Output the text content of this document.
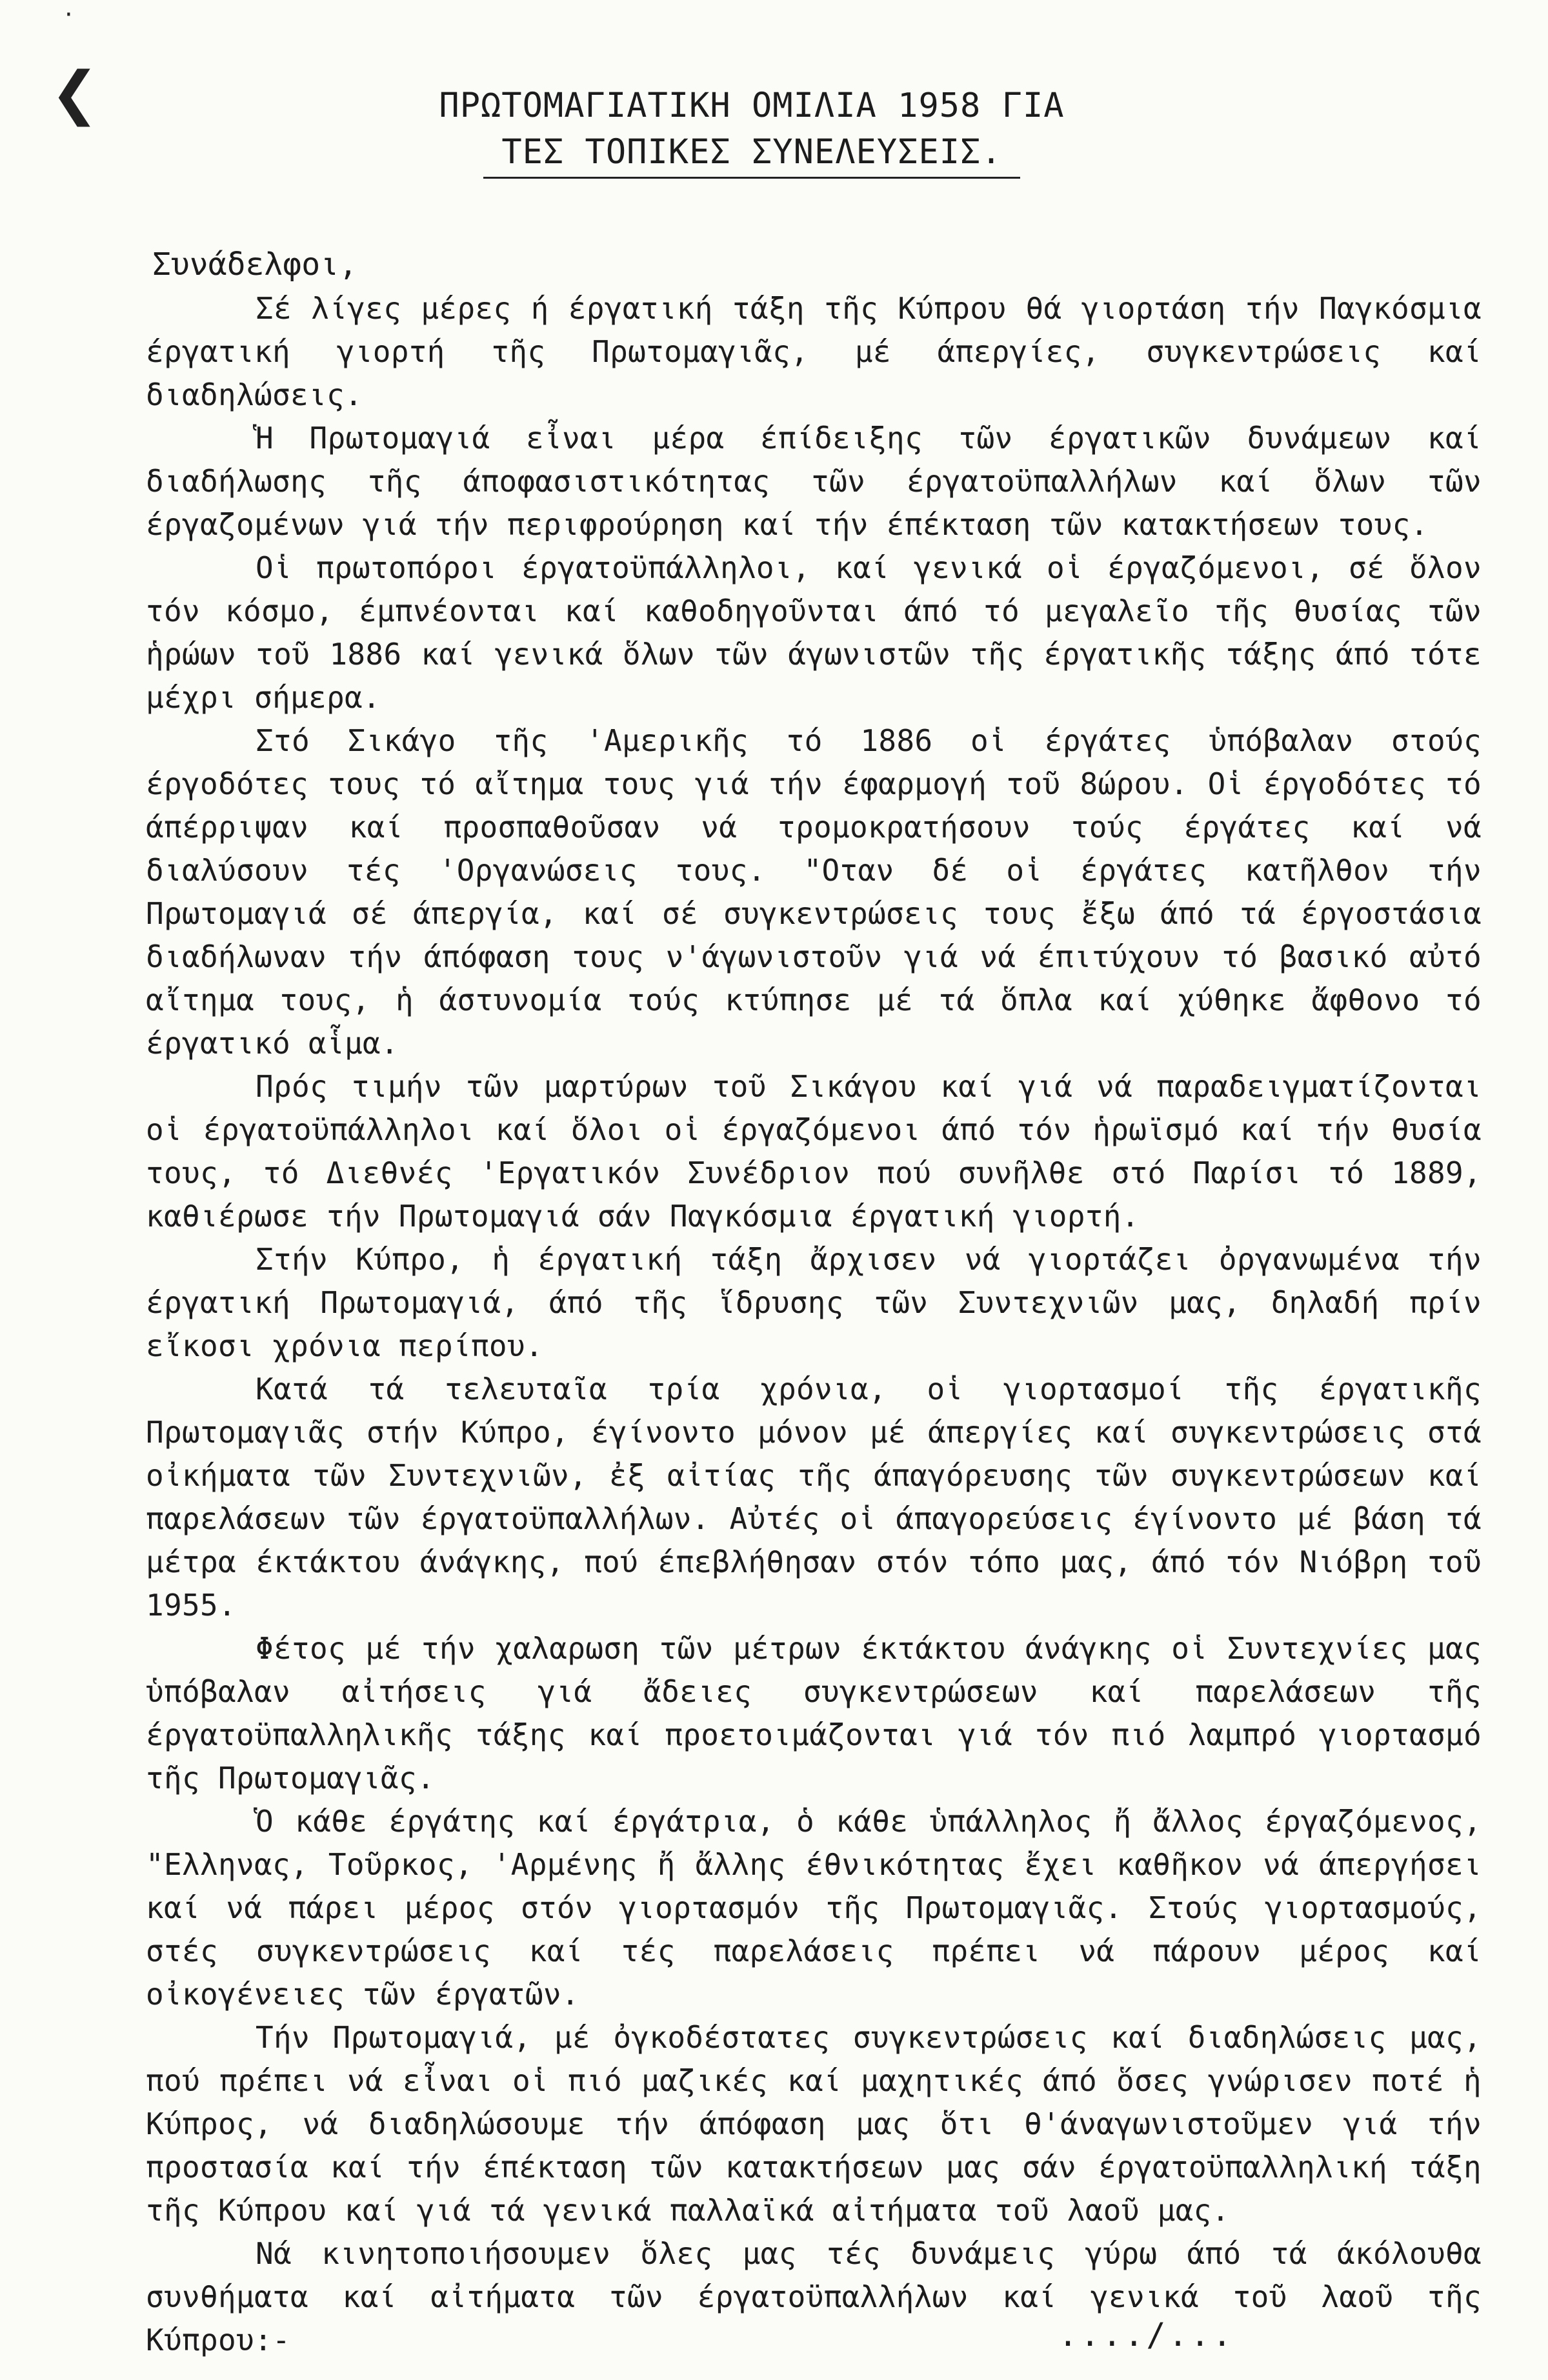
·
❮	ΠΡΩΤΟΜΑΓΙΑΤΙΚΗ ΟΜΙΛΙΑ 1958 ΓΙΑ
ΤΕΣ ΤΟΠΙΚΕΣ ΣΥΝΕΛΕΥΣΕΙΣ.
Συνάδελφοι,

Σέ λίγες μέρες ή έργατική τάξη τῆς Κύπρου θά γιορτάση τήν Παγκόσμια έργατική γιορτή τῆς Πρωτομαγιᾶς, μέ άπεργίες, συγκεντρώσεις καί διαδηλώσεις.

Ἡ Πρωτομαγιά εἶναι μέρα έπίδειξης τῶν έργατικῶν δυνάμεων καί διαδήλωσης τῆς άποφασιστικότητας τῶν έργατοϋπαλλήλων καί ὅλων τῶν έργαζομένων γιά τήν περιφρούρηση καί τήν έπέκταση τῶν κατακτήσεων τους.

Οἱ πρωτοπόροι έργατοϋπάλληλοι, καί γενικά οἱ έργαζόμενοι, σέ ὅλον τόν κόσμο, έμπνέονται καί καθοδηγοῦνται άπό τό μεγαλεῖο τῆς θυσίας τῶν ἡρώων τοῦ 1886 καί γενικά ὅλων τῶν άγωνιστῶν τῆς έργατικῆς τάξης άπό τότε μέχρι σήμερα.

Στό Σικάγο τῆς 'Αμερικῆς τό 1886 οἱ έργάτες ὑπόβαλαν στούς έργοδότες τους τό αἴτημα τους γιά τήν έφαρμογή τοῦ 8ώρου. Οἱ έργοδότες τό άπέρριψαν καί προσπαθοῦσαν νά τρομοκρατήσουν τούς έργάτες καί νά διαλύσουν τές 'Οργανώσεις τους. "Οταν δέ οἱ έργάτες κατῆλθον τήν Πρωτομαγιά σέ άπεργία, καί σέ συγκεντρώσεις τους ἔξω άπό τά έργοστάσια διαδήλωναν τήν άπόφαση τους ν'άγωνιστοῦν γιά νά έπιτύχουν τό βασικό αὐτό αἴτημα τους, ἡ άστυνομία τούς κτύπησε μέ τά ὅπλα καί χύθηκε ἄφθονο τό έργατικό αἷμα.

Πρός τιμήν τῶν μαρτύρων τοῦ Σικάγου καί γιά νά παραδειγματίζονται οἱ έργατοϋπάλληλοι καί ὅλοι οἱ έργαζόμενοι άπό τόν ἡρωϊσμό καί τήν θυσία τους, τό Διεθνές 'Εργατικόν Συνέδριον πού συνῆλθε στό Παρίσι τό 1889, καθιέρωσε τήν Πρωτομαγιά σάν Παγκόσμια έργατική γιορτή.

Στήν Κύπρο, ἡ έργατική τάξη ἄρχισεν νά γιορτάζει ὀργανωμένα τήν έργατική Πρωτομαγιά, άπό τῆς ἵδρυσης τῶν Συντεχνιῶν μας, δηλαδή πρίν εἴκοσι χρόνια περίπου.

Κατά τά τελευταῖα τρία χρόνια, οἱ γιορτασμοί τῆς έργατικῆς Πρωτομαγιᾶς στήν Κύπρο, έγίνοντο μόνον μέ άπεργίες καί συγκεντρώσεις στά οἰκήματα τῶν Συντεχνιῶν, ἐξ αἰτίας τῆς άπαγόρευσης τῶν συγκεντρώσεων καί παρελάσεων τῶν έργατοϋπαλλήλων. Αὐτές οἱ άπαγορεύσεις έγίνοντο μέ βάση τά μέτρα έκτάκτου άνάγκης, πού έπεβλήθησαν στόν τόπο μας, άπό τόν Νιόβρη τοῦ 1955.

Φέτος μέ τήν χαλαρωση τῶν μέτρων έκτάκτου άνάγκης οἱ Συντεχνίες μας ὑπόβαλαν αἰτήσεις γιά ἄδειες συγκεντρώσεων καί παρελάσεων τῆς έργατοϋπαλληλικῆς τάξης καί προετοιμάζονται γιά τόν πιό λαμπρό γιορτασμό τῆς Πρωτομαγιᾶς.

Ὁ κάθε έργάτης καί έργάτρια, ὁ κάθε ὑπάλληλος ἤ ἄλλος έργαζόμενος, "Ελληνας, Τοῦρκος, 'Αρμένης ἤ ἄλλης έθνικότητας ἔχει καθῆκον νά άπεργήσει καί νά πάρει μέρος στόν γιορτασμόν τῆς Πρωτομαγιᾶς. Στούς γιορτασμούς, στές συγκεντρώσεις καί τές παρελάσεις πρέπει νά πάρουν μέρος καί οἰκογένειες τῶν έργατῶν.

Τήν Πρωτομαγιά, μέ ὀγκοδέστατες συγκεντρώσεις καί διαδηλώσεις μας, πού πρέπει νά εἶναι οἱ πιό μαζικές καί μαχητικές άπό ὅσες γνώρισεν ποτέ ἡ Κύπρος, νά διαδηλώσουμε τήν άπόφαση μας ὅτι θ'άναγωνιστοῦμεν γιά τήν προστασία καί τήν έπέκταση τῶν κατακτήσεων μας σάν έργατοϋπαλληλική τάξη τῆς Κύπρου καί γιά τά γενικά παλλαϊκά αἰτήματα τοῦ λαοῦ μας.

Νά κινητοποιήσουμεν ὅλες μας τές δυνάμεις γύρω άπό τά άκόλουθα συνθήματα καί αἰτήματα τῶν έργατοϋπαλλήλων καί γενικά τοῦ λαοῦ τῆς Κύπρου:-	..../...
